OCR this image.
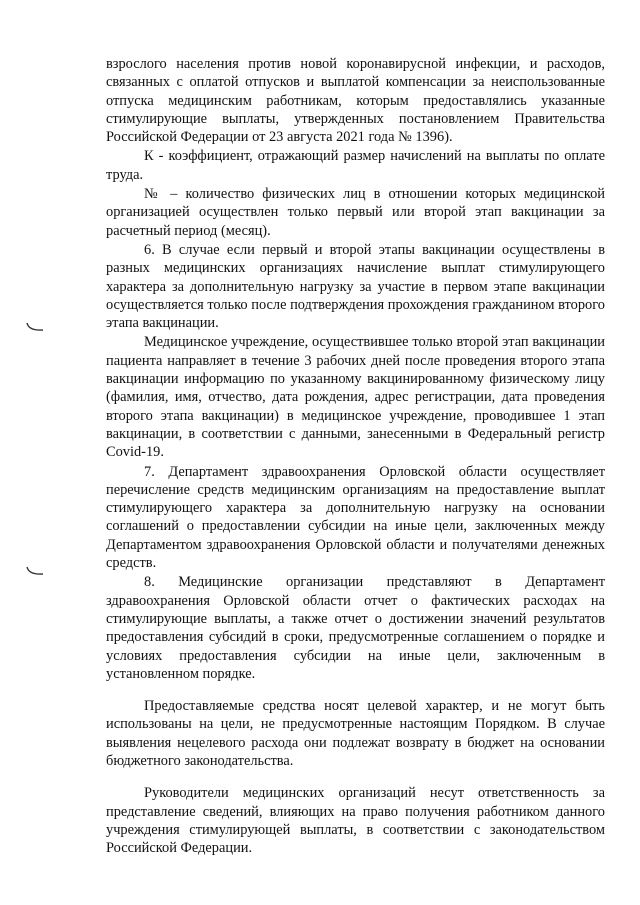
взрослого населения против новой коронавирусной инфекции, и расходов, связанных с оплатой отпусков и выплатой компенсации за неиспользованные отпуска медицинским работникам, которым предоставлялись указанные стимулирующие выплаты, утвержденных постановлением Правительства Российской Федерации от 23 августа 2021 года № 1396).

К - коэффициент, отражающий размер начислений на выплаты по оплате труда.

№ – количество физических лиц в отношении которых медицинской организацией осуществлен только первый или второй этап вакцинации за расчетный период (месяц).

6. В случае если первый и второй этапы вакцинации осуществлены в разных медицинских организациях начисление выплат стимулирующего характера за дополнительную нагрузку за участие в первом этапе вакцинации осуществляется только после подтверждения прохождения гражданином второго этапа вакцинации.

Медицинское учреждение, осуществившее только второй этап вакцинации пациента направляет в течение 3 рабочих дней после проведения второго этапа вакцинации информацию по указанному вакцинированному физическому лицу (фамилия, имя, отчество, дата рождения, адрес регистрации, дата проведения второго этапа вакцинации) в медицинское учреждение, проводившее 1 этап вакцинации, в соответствии с данными, занесенными в Федеральный регистр Covid-19.

7. Департамент здравоохранения Орловской области осуществляет перечисление средств медицинским организациям на предоставление выплат стимулирующего характера за дополнительную нагрузку на основании соглашений о предоставлении субсидии на иные цели, заключенных между Департаментом здравоохранения Орловской области и получателями денежных средств.

8. Медицинские организации представляют в Департамент здравоохранения Орловской области отчет о фактических расходах на стимулирующие выплаты, а также отчет о достижении значений результатов предоставления субсидий в сроки, предусмотренные соглашением о порядке и условиях предоставления субсидии на иные цели, заключенным в установленном порядке.

Предоставляемые средства носят целевой характер, и не могут быть использованы на цели, не предусмотренные настоящим Порядком. В случае выявления нецелевого расхода они подлежат возврату в бюджет на основании бюджетного законодательства.

Руководители медицинских организаций несут ответственность за представление сведений, влияющих на право получения работником данного учреждения стимулирующей выплаты, в соответствии с законодательством Российской Федерации.
